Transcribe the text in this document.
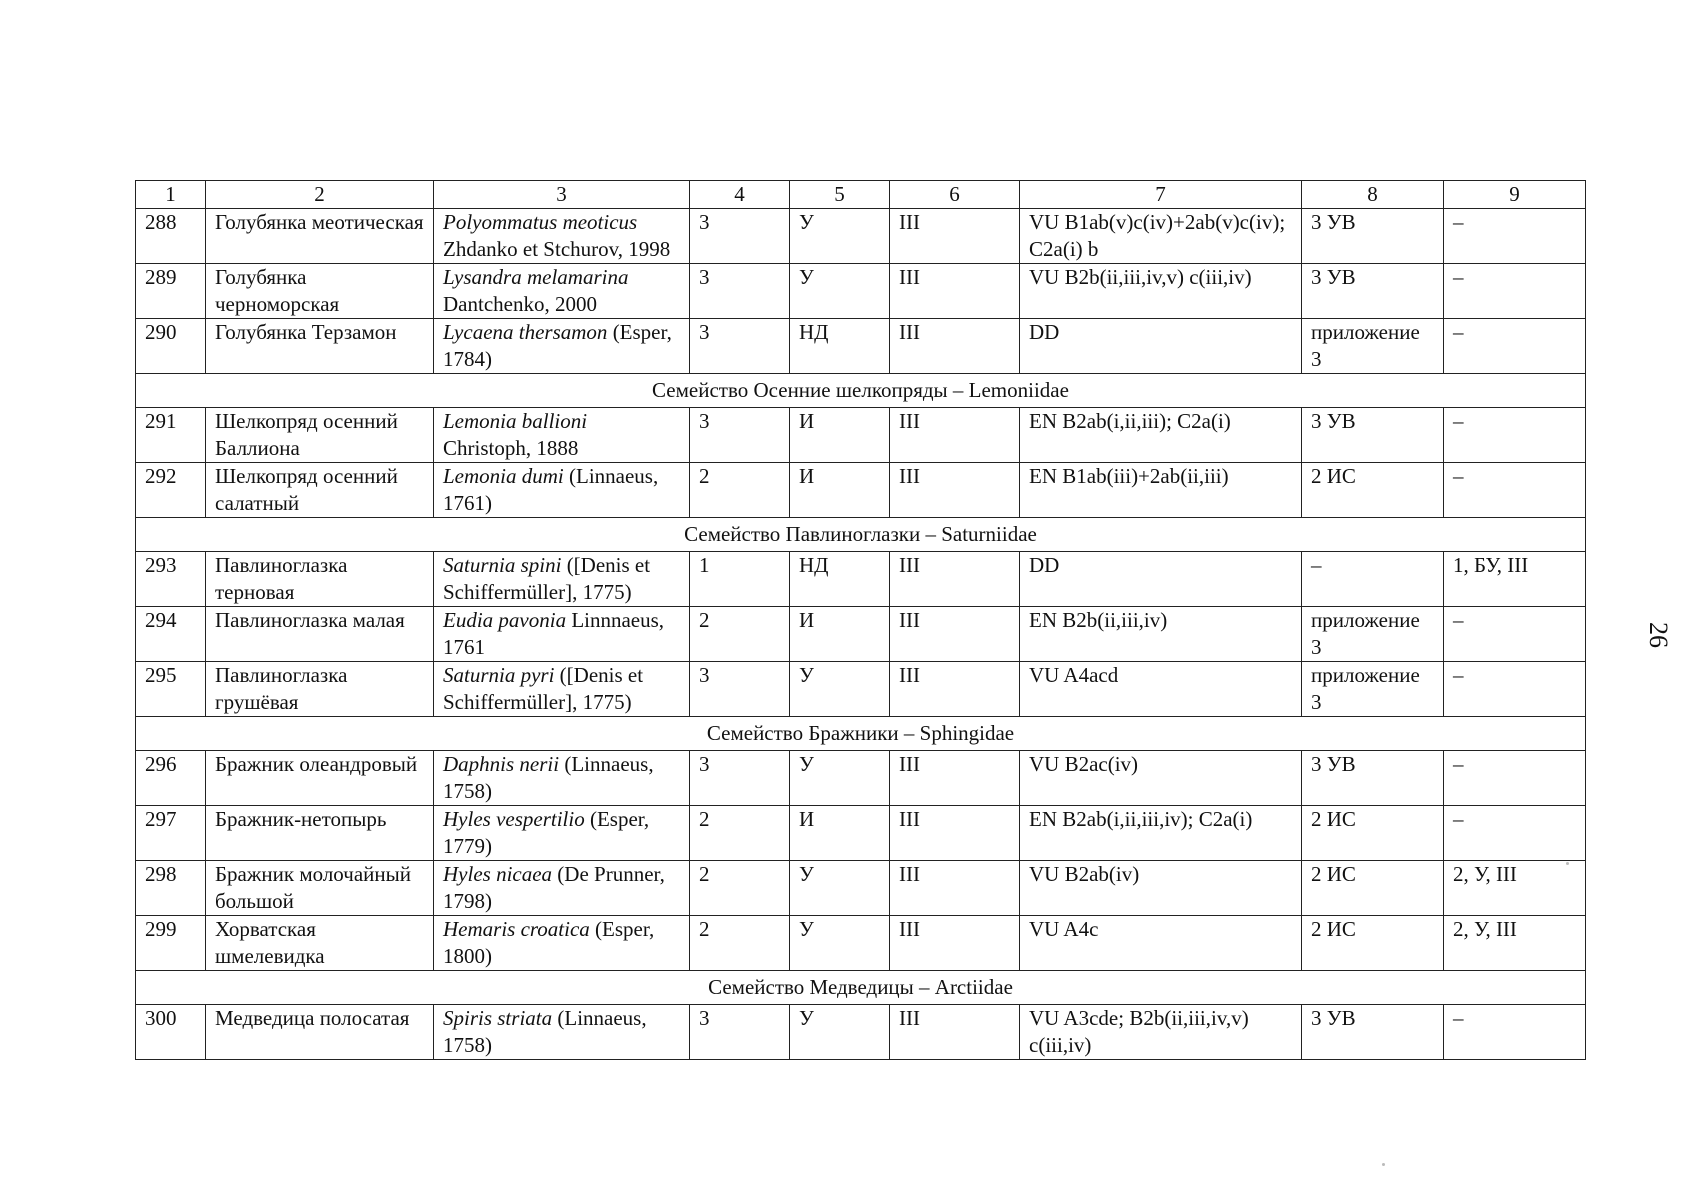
1	2	3	4	5	6	7	8	9
288	Голубянка меотическая	Polyommatus meoticus Zhdanko et Stchurov, 1998	3	У	III	VU B1ab(v)c(iv)+2ab(v)c(iv); C2a(i) b	3 УВ	–
289	Голубянка черноморская	Lysandra melamarina Dantchenko, 2000	3	У	III	VU B2b(ii,iii,iv,v) c(iii,iv)	3 УВ	–
290	Голубянка Терзамон	Lycaena thersamon (Esper, 1784)	3	НД	III	DD	приложение 3	–
Семейство Осенние шелкопряды – Lemoniidae								
291	Шелкопряд осенний Баллиона	Lemonia ballioni Christoph, 1888	3	И	III	EN B2ab(i,ii,iii); C2a(i)	3 УВ	–
292	Шелкопряд осенний салатный	Lemonia dumi (Linnaeus, 1761)	2	И	III	EN B1ab(iii)+2ab(ii,iii)	2 ИС	–
Семейство Павлиноглазки – Saturniidae								
293	Павлиноглазка терновая	Saturnia spini ([Denis et Schiffermüller], 1775)	1	НД	III	DD	–	1, БУ, III
294	Павлиноглазка малая	Eudia pavonia Linnnaeus, 1761	2	И	III	EN B2b(ii,iii,iv)	приложение 3	–
295	Павлиноглазка грушёвая	Saturnia pyri ([Denis et Schiffermüller], 1775)	3	У	III	VU A4acd	приложение 3	–
Семейство Бражники – Sphingidae								
296	Бражник олеандровый	Daphnis nerii (Linnaeus, 1758)	3	У	III	VU B2ac(iv)	3 УВ	–
297	Бражник-нетопырь	Hyles vespertilio (Esper, 1779)	2	И	III	EN B2ab(i,ii,iii,iv); C2a(i)	2 ИС	–
298	Бражник молочайный большой	Hyles nicaea (De Prunner, 1798)	2	У	III	VU B2ab(iv)	2 ИС	2, У, III
299	Хорватская шмелевидка	Hemaris croatica (Esper, 1800)	2	У	III	VU A4c	2 ИС	2, У, III
Семейство Медведицы – Arctiidae								
300	Медведица полосатая	Spiris striata (Linnaeus, 1758)	3	У	III	VU A3cde; B2b(ii,iii,iv,v) c(iii,iv)	3 УВ	–
26
